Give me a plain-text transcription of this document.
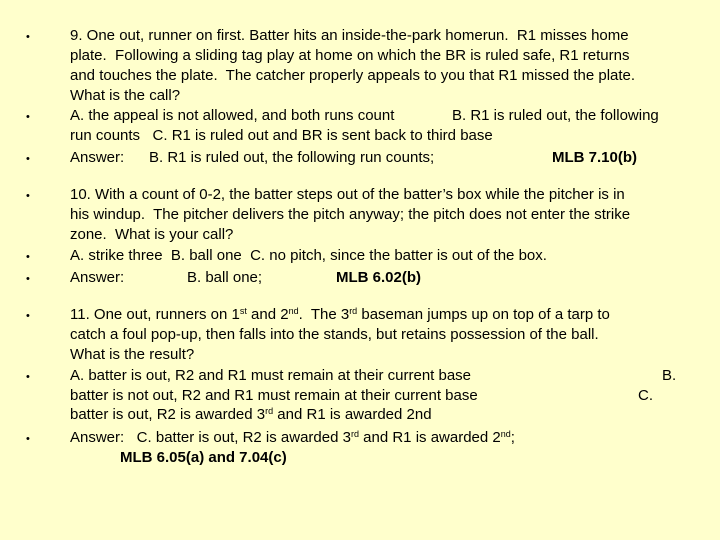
•	9. One out, runner on first. Batter hits an inside-the-park homerun.  R1 misses home
plate.  Following a sliding tag play at home on which the BR is ruled safe, R1 returns
and touches the plate.  The catcher properly appeals to you that R1 missed the plate.
What is the call?
•	A. the appeal is not allowed, and both runs count	B. R1 is ruled out, the following
run counts   C. R1 is ruled out and BR is sent back to third base
•	Answer: B. R1 is ruled out, the following run counts;	MLB 7.10(b)
•	10. With a count of 0-2, the batter steps out of the batter’s box while the pitcher is in
his windup.  The pitcher delivers the pitch anyway; the pitch does not enter the strike
zone.  What is your call?
•	A. strike three  B. ball one  C. no pitch, since the batter is out of the box.
•	Answer:	B. ball one;	MLB 6.02(b)
•	11. One out, runners on 1st and 2nd.  The 3rd baseman jumps up on top of a tarp to
catch a foul pop-up, then falls into the stands, but retains possession of the ball.
What is the result?
•	A. batter is out, R2 and R1 must remain at their current base	B.
batter is not out, R2 and R1 must remain at their current base	C.
batter is out, R2 is awarded 3rd and R1 is awarded 2nd
•	Answer:   C. batter is out, R2 is awarded 3rd and R1 is awarded 2nd;
MLB 6.05(a) and 7.04(c)
